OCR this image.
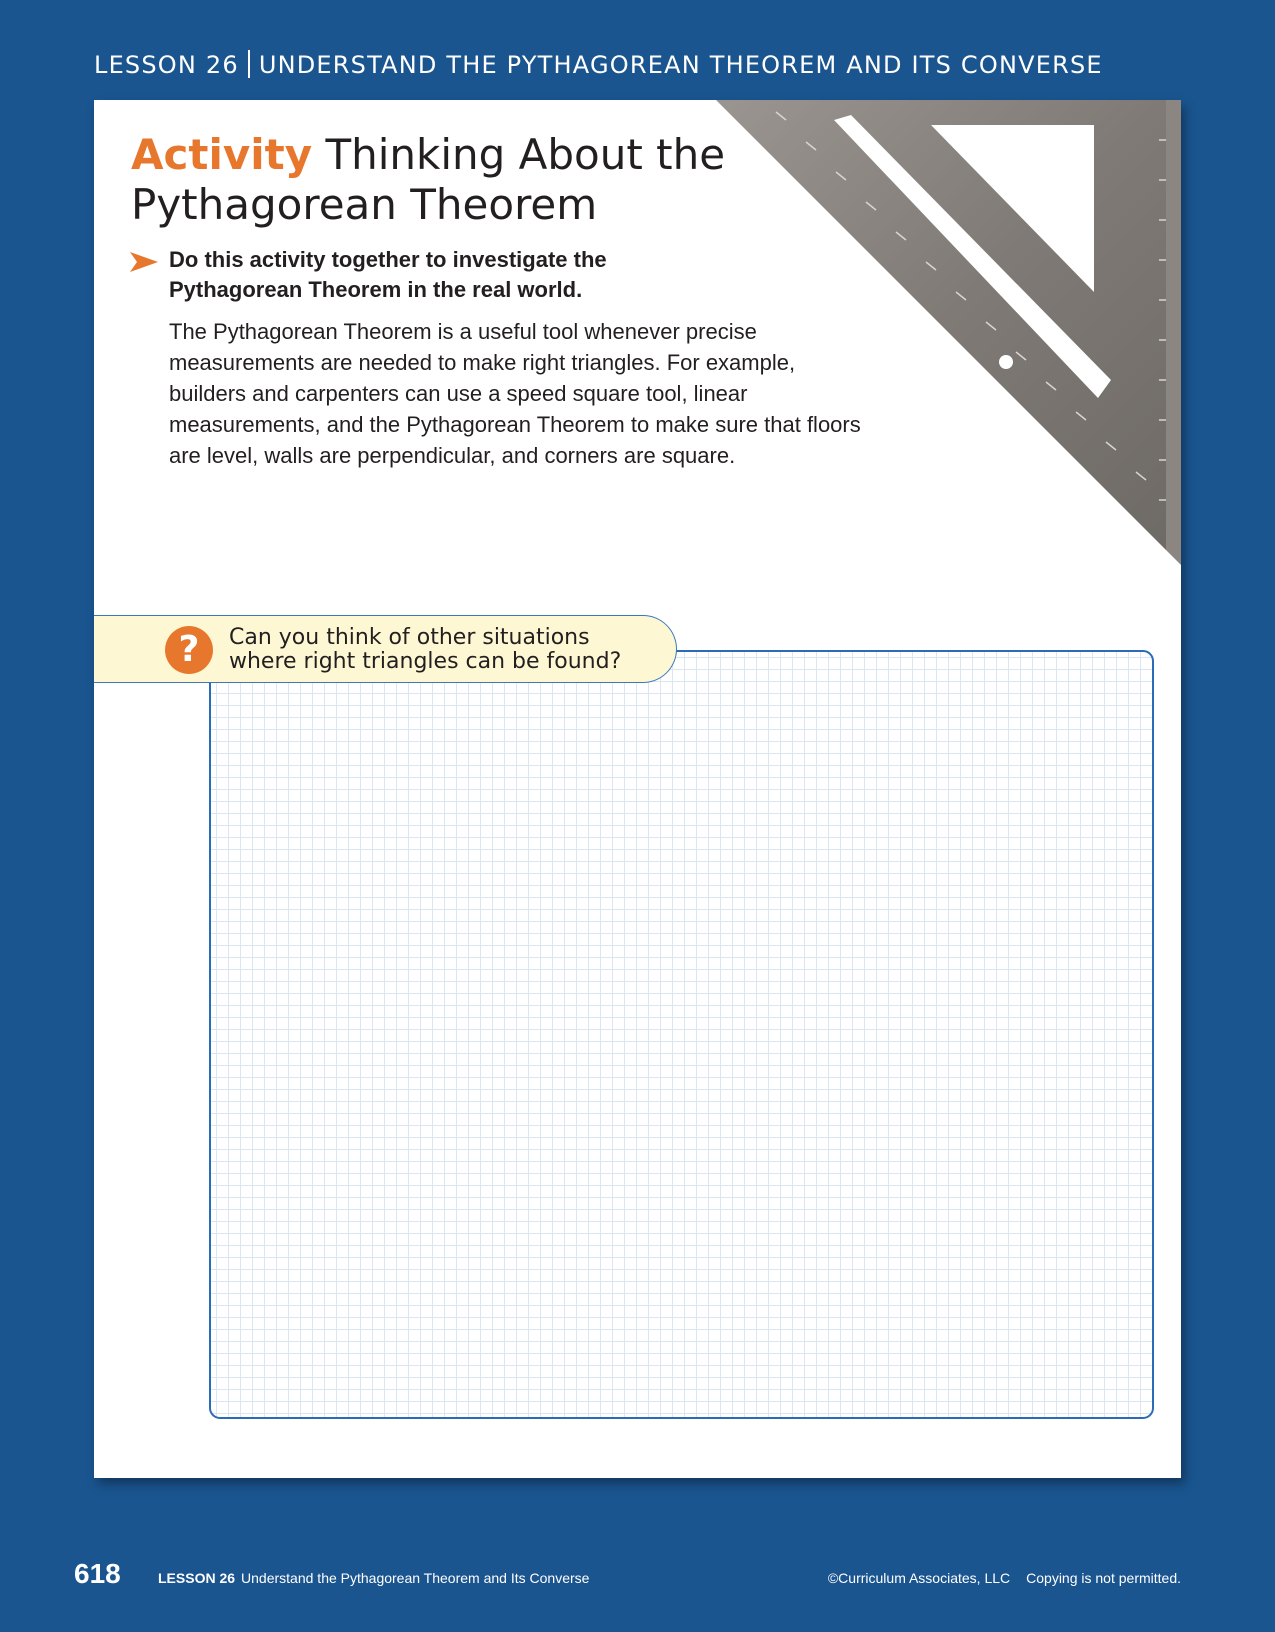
LESSON 26 UNDERSTAND THE PYTHAGOREAN THEOREM AND ITS CONVERSE
Activity Thinking About the Pythagorean Theorem
Do this activity together to investigate the Pythagorean Theorem in the real world.
The Pythagorean Theorem is a useful tool whenever precise measurements are needed to make right triangles. For example, builders and carpenters can use a speed square tool, linear measurements, and the Pythagorean Theorem to make sure that floors are level, walls are perpendicular, and corners are square.
?	Can you think of other situations where right triangles can be found?
618	LESSON 26 Understand the Pythagorean Theorem and Its Converse	©Curriculum Associates, LLC Copying is not permitted.
